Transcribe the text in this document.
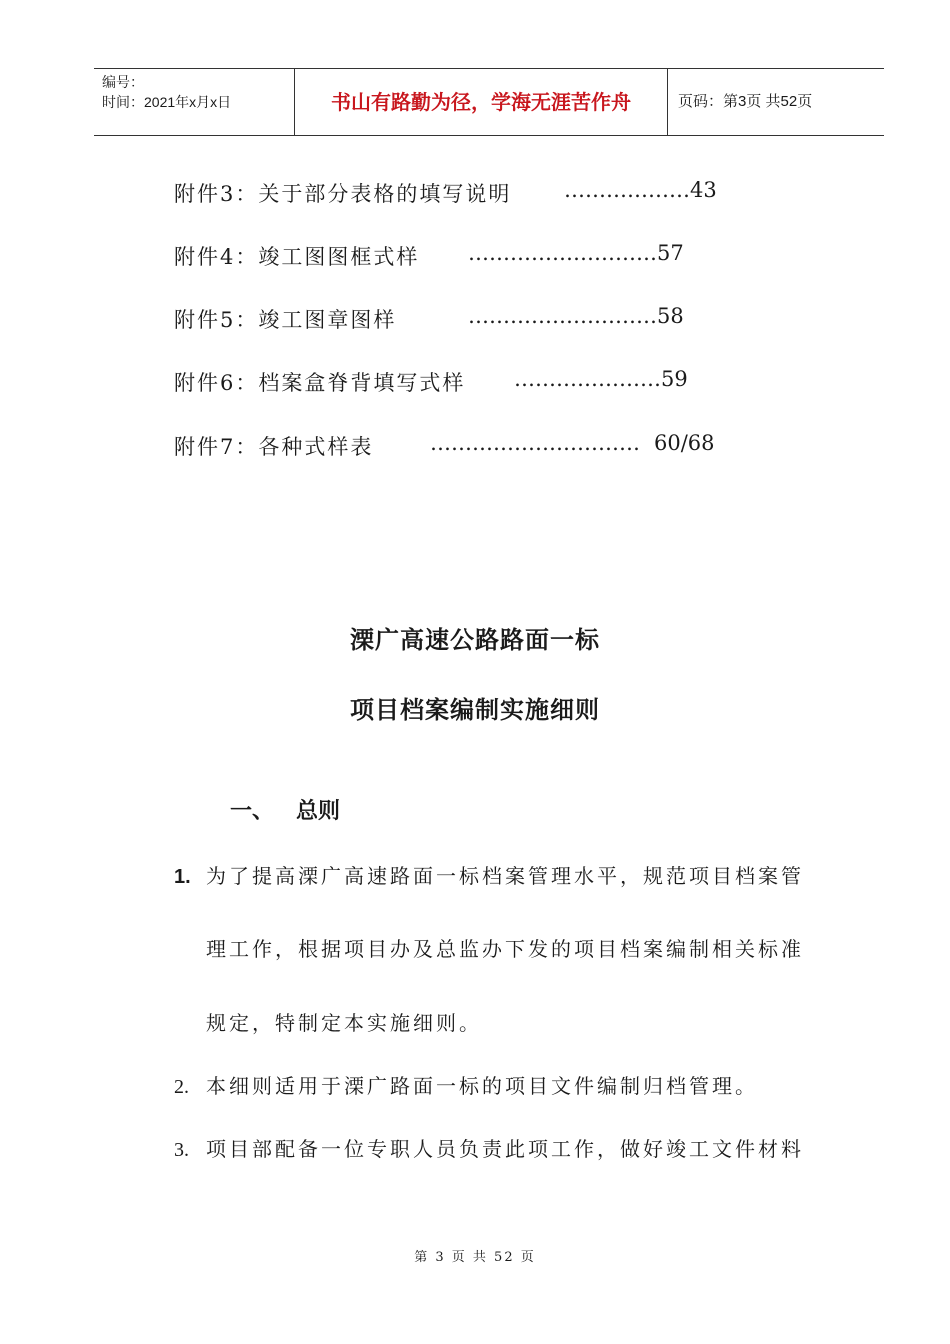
编号：
时间：2021年x月x日	书山有路勤为径，学海无涯苦作舟	页码：第3页 共52页
附件3：关于部分表格的填写说明	………………43
附件4：竣工图图框式样 ………………………57
附件5：竣工图章图样	………………………58
附件6：档案盒脊背填写式样 …………………59
附件7：各种式样表	………………………… 60/68
溧广高速公路路面一标
项目档案编制实施细则
一、 总则
1. 为了提高溧广高速路面一标档案管理水平，规范项目档案管
理工作，根据项目办及总监办下发的项目档案编制相关标准
规定，特制定本实施细则。
2. 本细则适用于溧广路面一标的项目文件编制归档管理。
3. 项目部配备一位专职人员负责此项工作，做好竣工文件材料
第 3 页 共 52 页
